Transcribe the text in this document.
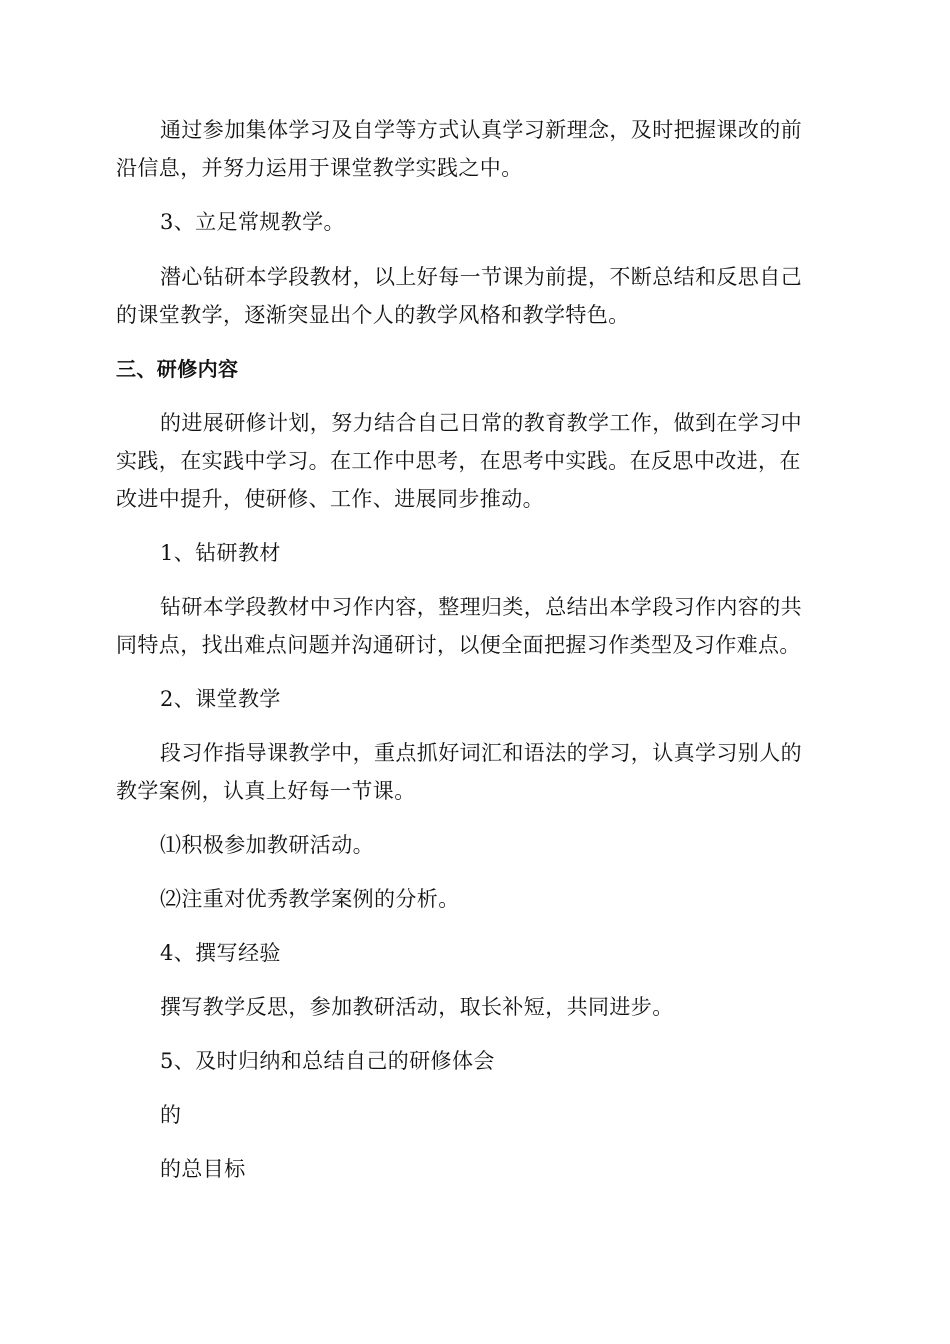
通过参加集体学习及自学等方式认真学习新理念，及时把握课改的前
沿信息，并努力运用于课堂教学实践之中。
3、立足常规教学。
潜心钻研本学段教材，以上好每一节课为前提，不断总结和反思自己
的课堂教学，逐渐突显出个人的教学风格和教学特色。
三、研修内容
的进展研修计划，努力结合自己日常的教育教学工作，做到在学习中
实践，在实践中学习。在工作中思考，在思考中实践。在反思中改进，在
改进中提升，使研修、工作、进展同步推动。
1、钻研教材
钻研本学段教材中习作内容，整理归类，总结出本学段习作内容的共
同特点，找出难点问题并沟通研讨，以便全面把握习作类型及习作难点。
2、课堂教学
段习作指导课教学中，重点抓好词汇和语法的学习，认真学习别人的
教学案例，认真上好每一节课。
⑴积极参加教研活动。
⑵注重对优秀教学案例的分析。
4、撰写经验
撰写教学反思，参加教研活动，取长补短，共同进步。
5、及时归纳和总结自己的研修体会
的
的总目标
